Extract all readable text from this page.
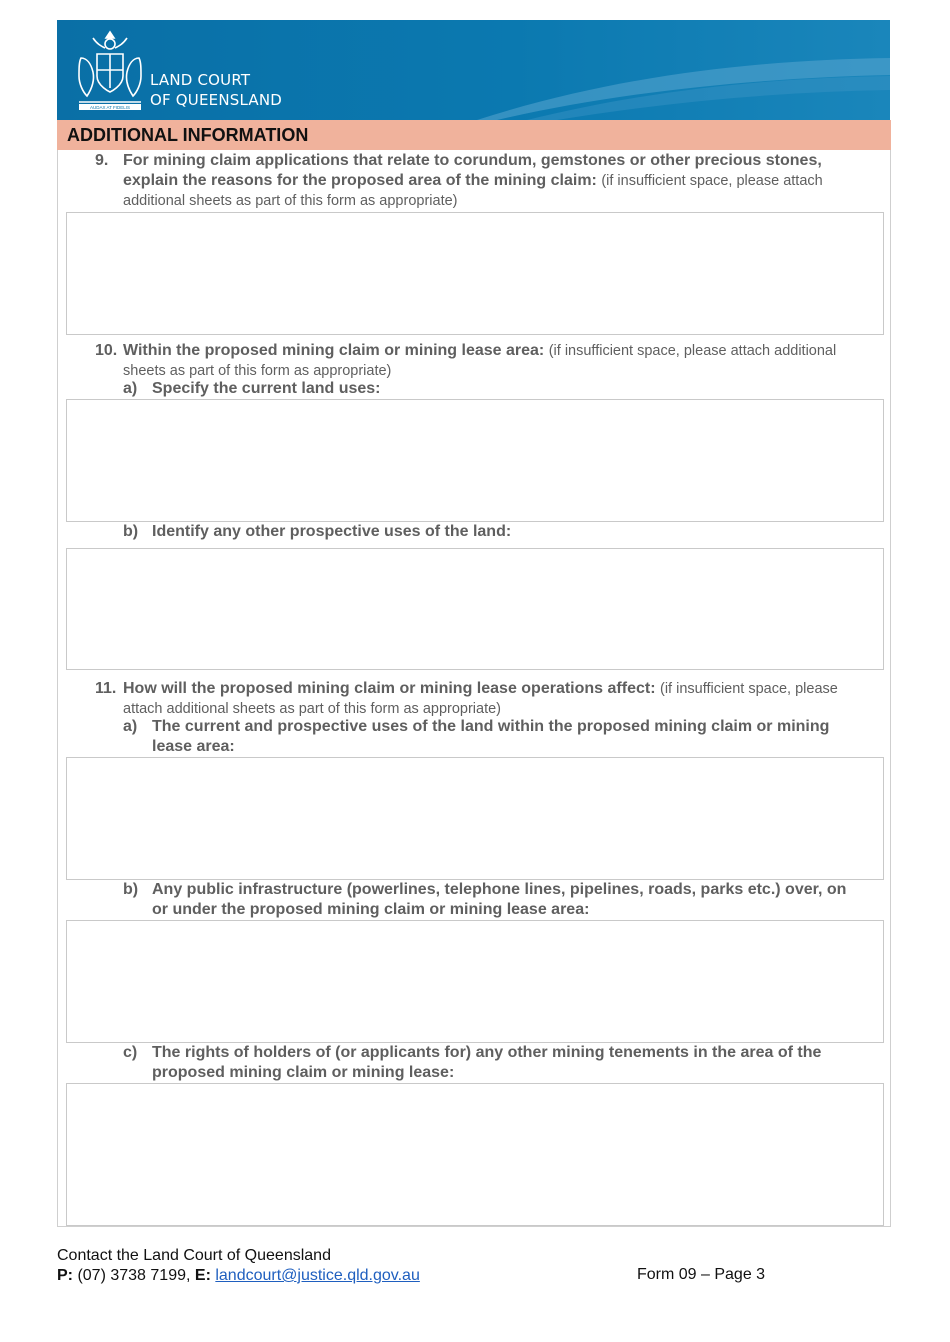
AUDAX AT FIDELIS
LAND COURT
OF QUEENSLAND
ADDITIONAL INFORMATION
9. For mining claim applications that relate to corundum, gemstones or other precious stones, explain the reasons for the proposed area of the mining claim: (if insufficient space, please attach additional sheets as part of this form as appropriate)
10. Within the proposed mining claim or mining lease area: (if insufficient space, please attach additional sheets as part of this form as appropriate)
a) Specify the current land uses:
b) Identify any other prospective uses of the land:
11. How will the proposed mining claim or mining lease operations affect: (if insufficient space, please attach additional sheets as part of this form as appropriate)
a) The current and prospective uses of the land within the proposed mining claim or mining lease area:
b) Any public infrastructure (powerlines, telephone lines, pipelines, roads, parks etc.) over, on or under the proposed mining claim or mining lease area:
c) The rights of holders of (or applicants for) any other mining tenements in the area of the proposed mining claim or mining lease:
Contact the Land Court of Queensland
P: (07) 3738 7199, E: landcourt@justice.qld.gov.au	Form 09 – Page 3
